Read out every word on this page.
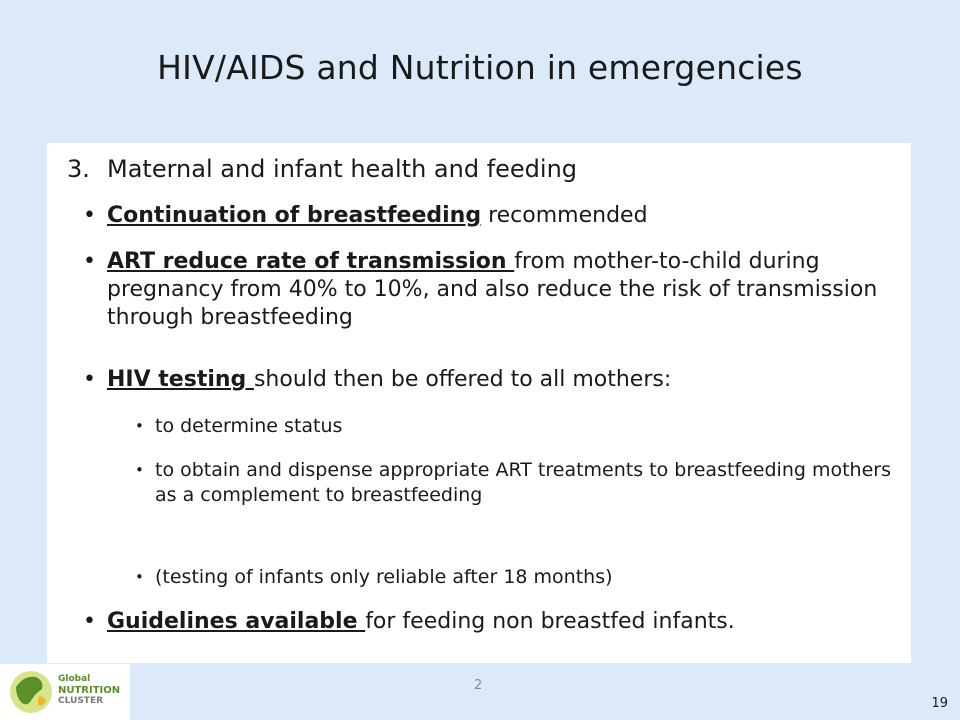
HIV/AIDS and Nutrition in emergencies
3. Maternal and infant health and feeding
• Continuation of breastfeeding recommended
• ART reduce rate of transmission from mother-to-child during pregnancy from 40% to 10%, and also reduce the risk of transmission through breastfeeding
• HIV testing should then be offered to all mothers:
• to determine status
• to obtain and dispense appropriate ART treatments to breastfeeding mothers as a complement to breastfeeding
• (testing of infants only reliable after 18 months)
• Guidelines available for feeding non breastfed infants.
Global
NUTRITION
CLUSTER
2
19
